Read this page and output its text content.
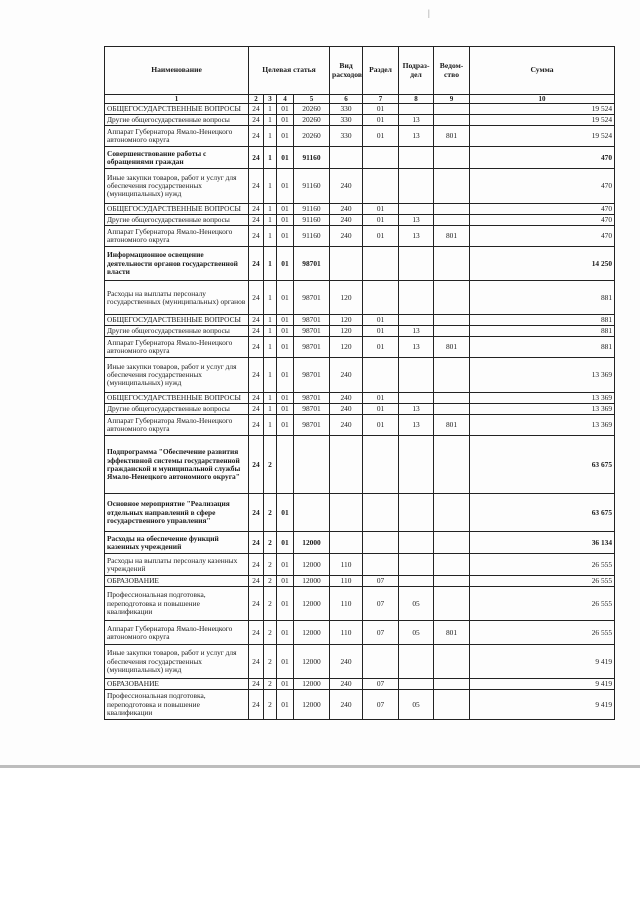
|
Наименование	Целевая статья				Вид расходов	Раздел	Подраз-дел	Ведом-ство	Сумма
1	2	3	4	5	6	7	8	9	10
ОБЩЕГОСУДАРСТВЕННЫЕ ВОПРОСЫ	24	1	01	20260	330	01			19 524
Другие общегосударственные вопросы	24	1	01	20260	330	01	13		19 524
Аппарат Губернатора Ямало-Ненецкого автономного округа	24	1	01	20260	330	01	13	801	19 524
Совершенствование работы с обращениями граждан	24	1	01	91160					470
Иные закупки товаров, работ и услуг для обеспечения государственных (муниципальных) нужд	24	1	01	91160	240				470
ОБЩЕГОСУДАРСТВЕННЫЕ ВОПРОСЫ	24	1	01	91160	240	01			470
Другие общегосударственные вопросы	24	1	01	91160	240	01	13		470
Аппарат Губернатора Ямало-Ненецкого автономного округа	24	1	01	91160	240	01	13	801	470
Информационное освещение деятельности органов государственной власти	24	1	01	98701					14 250
Расходы на выплаты персоналу государственных (муниципальных) органов	24	1	01	98701	120				881
ОБЩЕГОСУДАРСТВЕННЫЕ ВОПРОСЫ	24	1	01	98701	120	01			881
Другие общегосударственные вопросы	24	1	01	98701	120	01	13		881
Аппарат Губернатора Ямало-Ненецкого автономного округа	24	1	01	98701	120	01	13	801	881
Иные закупки товаров, работ и услуг для обеспечения государственных (муниципальных) нужд	24	1	01	98701	240				13 369
ОБЩЕГОСУДАРСТВЕННЫЕ ВОПРОСЫ	24	1	01	98701	240	01			13 369
Другие общегосударственные вопросы	24	1	01	98701	240	01	13		13 369
Аппарат Губернатора Ямало-Ненецкого автономного округа	24	1	01	98701	240	01	13	801	13 369
Подпрограмма "Обеспечение развития эффективной системы государственной гражданской и муниципальной службы Ямало-Ненецкого автономного округа"	24	2							63 675
Основное мероприятие "Реализация отдельных направлений в сфере государственного управления"	24	2	01						63 675
Расходы на обеспечение функций казенных учреждений	24	2	01	12000					36 134
Расходы на выплаты персоналу казенных учреждений	24	2	01	12000	110				26 555
ОБРАЗОВАНИЕ	24	2	01	12000	110	07			26 555
Профессиональная подготовка, переподготовка и повышение квалификации	24	2	01	12000	110	07	05		26 555
Аппарат Губернатора Ямало-Ненецкого автономного округа	24	2	01	12000	110	07	05	801	26 555
Иные закупки товаров, работ и услуг для обеспечения государственных (муниципальных) нужд	24	2	01	12000	240				9 419
ОБРАЗОВАНИЕ	24	2	01	12000	240	07			9 419
Профессиональная подготовка, переподготовка и повышение квалификации	24	2	01	12000	240	07	05		9 419
